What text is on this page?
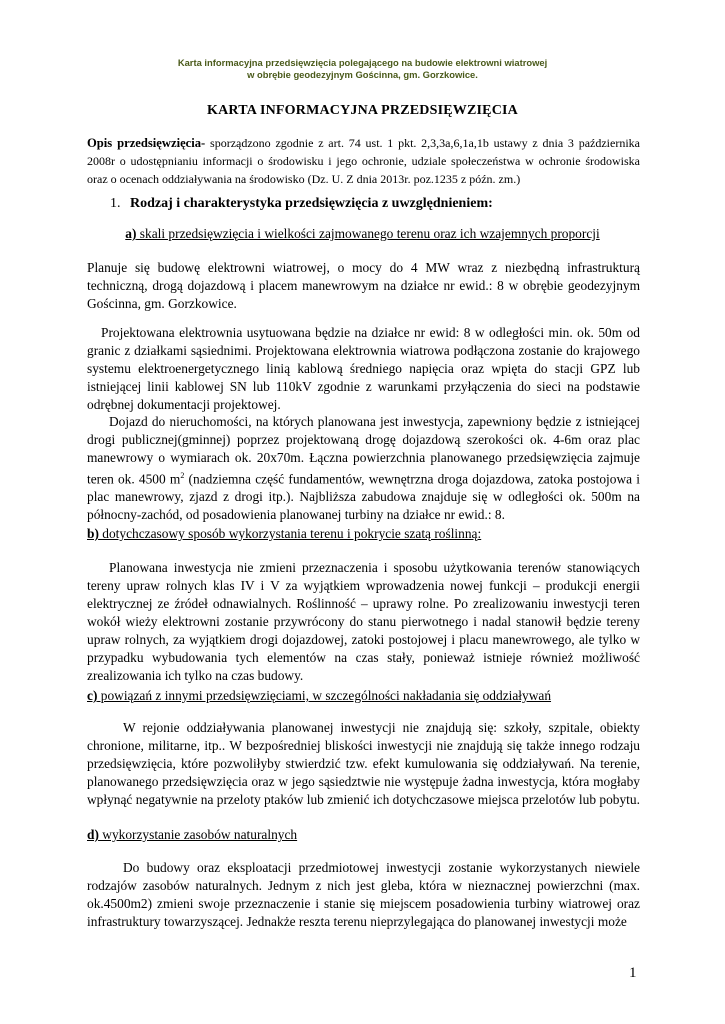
Karta informacyjna przedsięwzięcia polegającego na budowie elektrowni wiatrowej
w obrębie geodezyjnym Gościnna, gm. Gorzkowice.
KARTA INFORMACYJNA PRZEDSIĘWZIĘCIA
Opis przedsięwzięcia- sporządzono zgodnie z art. 74 ust. 1 pkt. 2,3,3a,6,1a,1b ustawy z dnia 3 października 2008r o udostępnianiu informacji o środowisku i jego ochronie, udziale społeczeństwa w ochronie środowiska oraz o ocenach oddziaływania na środowisko (Dz. U. Z dnia 2013r. poz.1235 z późn. zm.)
1. Rodzaj i charakterystyka przedsięwzięcia z uwzględnieniem:
a) skali przedsięwzięcia i wielkości zajmowanego terenu oraz ich wzajemnych proporcji
Planuje się budowę elektrowni wiatrowej, o mocy do 4 MW wraz z niezbędną infrastrukturą techniczną, drogą dojazdową i placem manewrowym na działce nr ewid.: 8 w obrębie geodezyjnym Gościnna, gm. Gorzkowice.
Projektowana elektrownia usytuowana będzie na działce nr ewid: 8 w odległości min. ok. 50m od granic z działkami sąsiednimi. Projektowana elektrownia wiatrowa podłączona zostanie do krajowego systemu elektroenergetycznego linią kablową średniego napięcia oraz wpięta do stacji GPZ lub istniejącej linii kablowej SN lub 110kV zgodnie z warunkami przyłączenia do sieci na podstawie odrębnej dokumentacji projektowej.
Dojazd do nieruchomości, na których planowana jest inwestycja, zapewniony będzie z istniejącej drogi publicznej(gminnej) poprzez projektowaną drogę dojazdową szerokości ok. 4-6m oraz plac manewrowy o wymiarach ok. 20x70m. Łączna powierzchnia planowanego przedsięwzięcia zajmuje teren ok. 4500 $m^2$ (nadziemna część fundamentów, wewnętrzna droga dojazdowa, zatoka postojowa i plac manewrowy, zjazd z drogi itp.). Najbliższa zabudowa znajduje się w odległości ok. 500m na północny-zachód, od posadowienia planowanej turbiny na działce nr ewid.: 8.
b) dotychczasowy sposób wykorzystania terenu i pokrycie szatą roślinną:
Planowana inwestycja nie zmieni przeznaczenia i sposobu użytkowania terenów stanowiących tereny upraw rolnych klas IV i V za wyjątkiem wprowadzenia nowej funkcji – produkcji energii elektrycznej ze źródeł odnawialnych. Roślinność – uprawy rolne. Po zrealizowaniu inwestycji teren wokół wieży elektrowni zostanie przywrócony do stanu pierwotnego i nadal stanowił będzie tereny upraw rolnych, za wyjątkiem drogi dojazdowej, zatoki postojowej i placu manewrowego, ale tylko w przypadku wybudowania tych elementów na czas stały, ponieważ istnieje również możliwość zrealizowania ich tylko na czas budowy.
c) powiązań z innymi przedsięwzięciami, w szczególności nakładania się oddziaływań
W rejonie oddziaływania planowanej inwestycji nie znajdują się: szkoły, szpitale, obiekty chronione, militarne, itp.. W bezpośredniej bliskości inwestycji nie znajdują się także innego rodzaju przedsięwzięcia, które pozwoliłyby stwierdzić tzw. efekt kumulowania się oddziaływań. Na terenie, planowanego przedsięwzięcia oraz w jego sąsiedztwie nie występuje żadna inwestycja, która mogłaby wpłynąć negatywnie na przeloty ptaków lub zmienić ich dotychczasowe miejsca przelotów lub pobytu.
d) wykorzystanie zasobów naturalnych
Do budowy oraz eksploatacji przedmiotowej inwestycji zostanie wykorzystanych niewiele rodzajów zasobów naturalnych. Jednym z nich jest gleba, która w nieznacznej powierzchni (max. ok.4500m2) zmieni swoje przeznaczenie i stanie się miejscem posadowienia turbiny wiatrowej oraz infrastruktury towarzyszącej. Jednakże reszta terenu nieprzylegająca do planowanej inwestycji może
1
